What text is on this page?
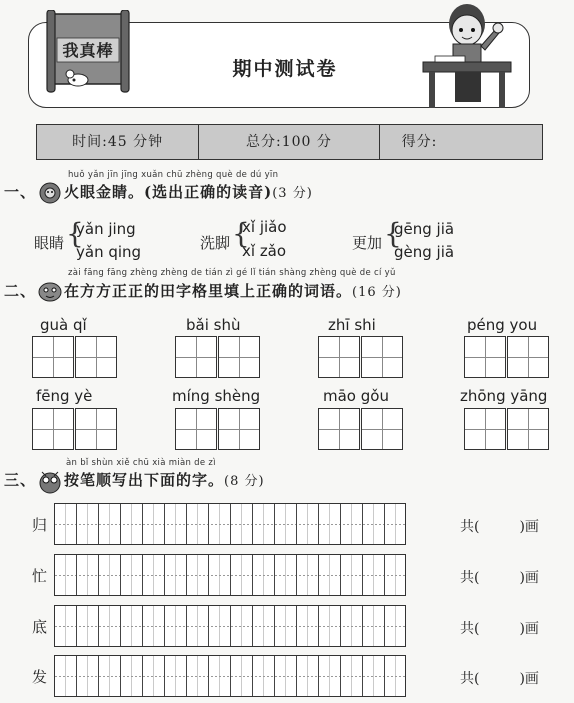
我真棒
期中测试卷
时间:45 分钟	总分:100 分	得分:
huǒ yǎn jīn jīng xuǎn chū zhèng què de dú yīn
一、 火眼金睛。(选出正确的读音)(3 分)
眼睛 {
yǎn jing
yǎn qing	洗脚 {
xǐ jiǎo
xǐ zǎo	更加 {
gēng jiā
gèng jiā
zài fāng fāng zhèng zhèng de tián zì gé lǐ tián shàng zhèng què de cí yǔ
二、 在方方正正的田字格里填上正确的词语。(16 分)
guà qǐ	bǎi shù	zhī shi	péng you
fēng yè	míng shèng	māo gǒu	zhōng yāng
àn bǐ shùn xiě chū xià miàn de zì
三、 按笔顺写出下面的字。(8 分)
归	共(	)画
忙	共(	)画
底	共(	)画
发	共(	)画
